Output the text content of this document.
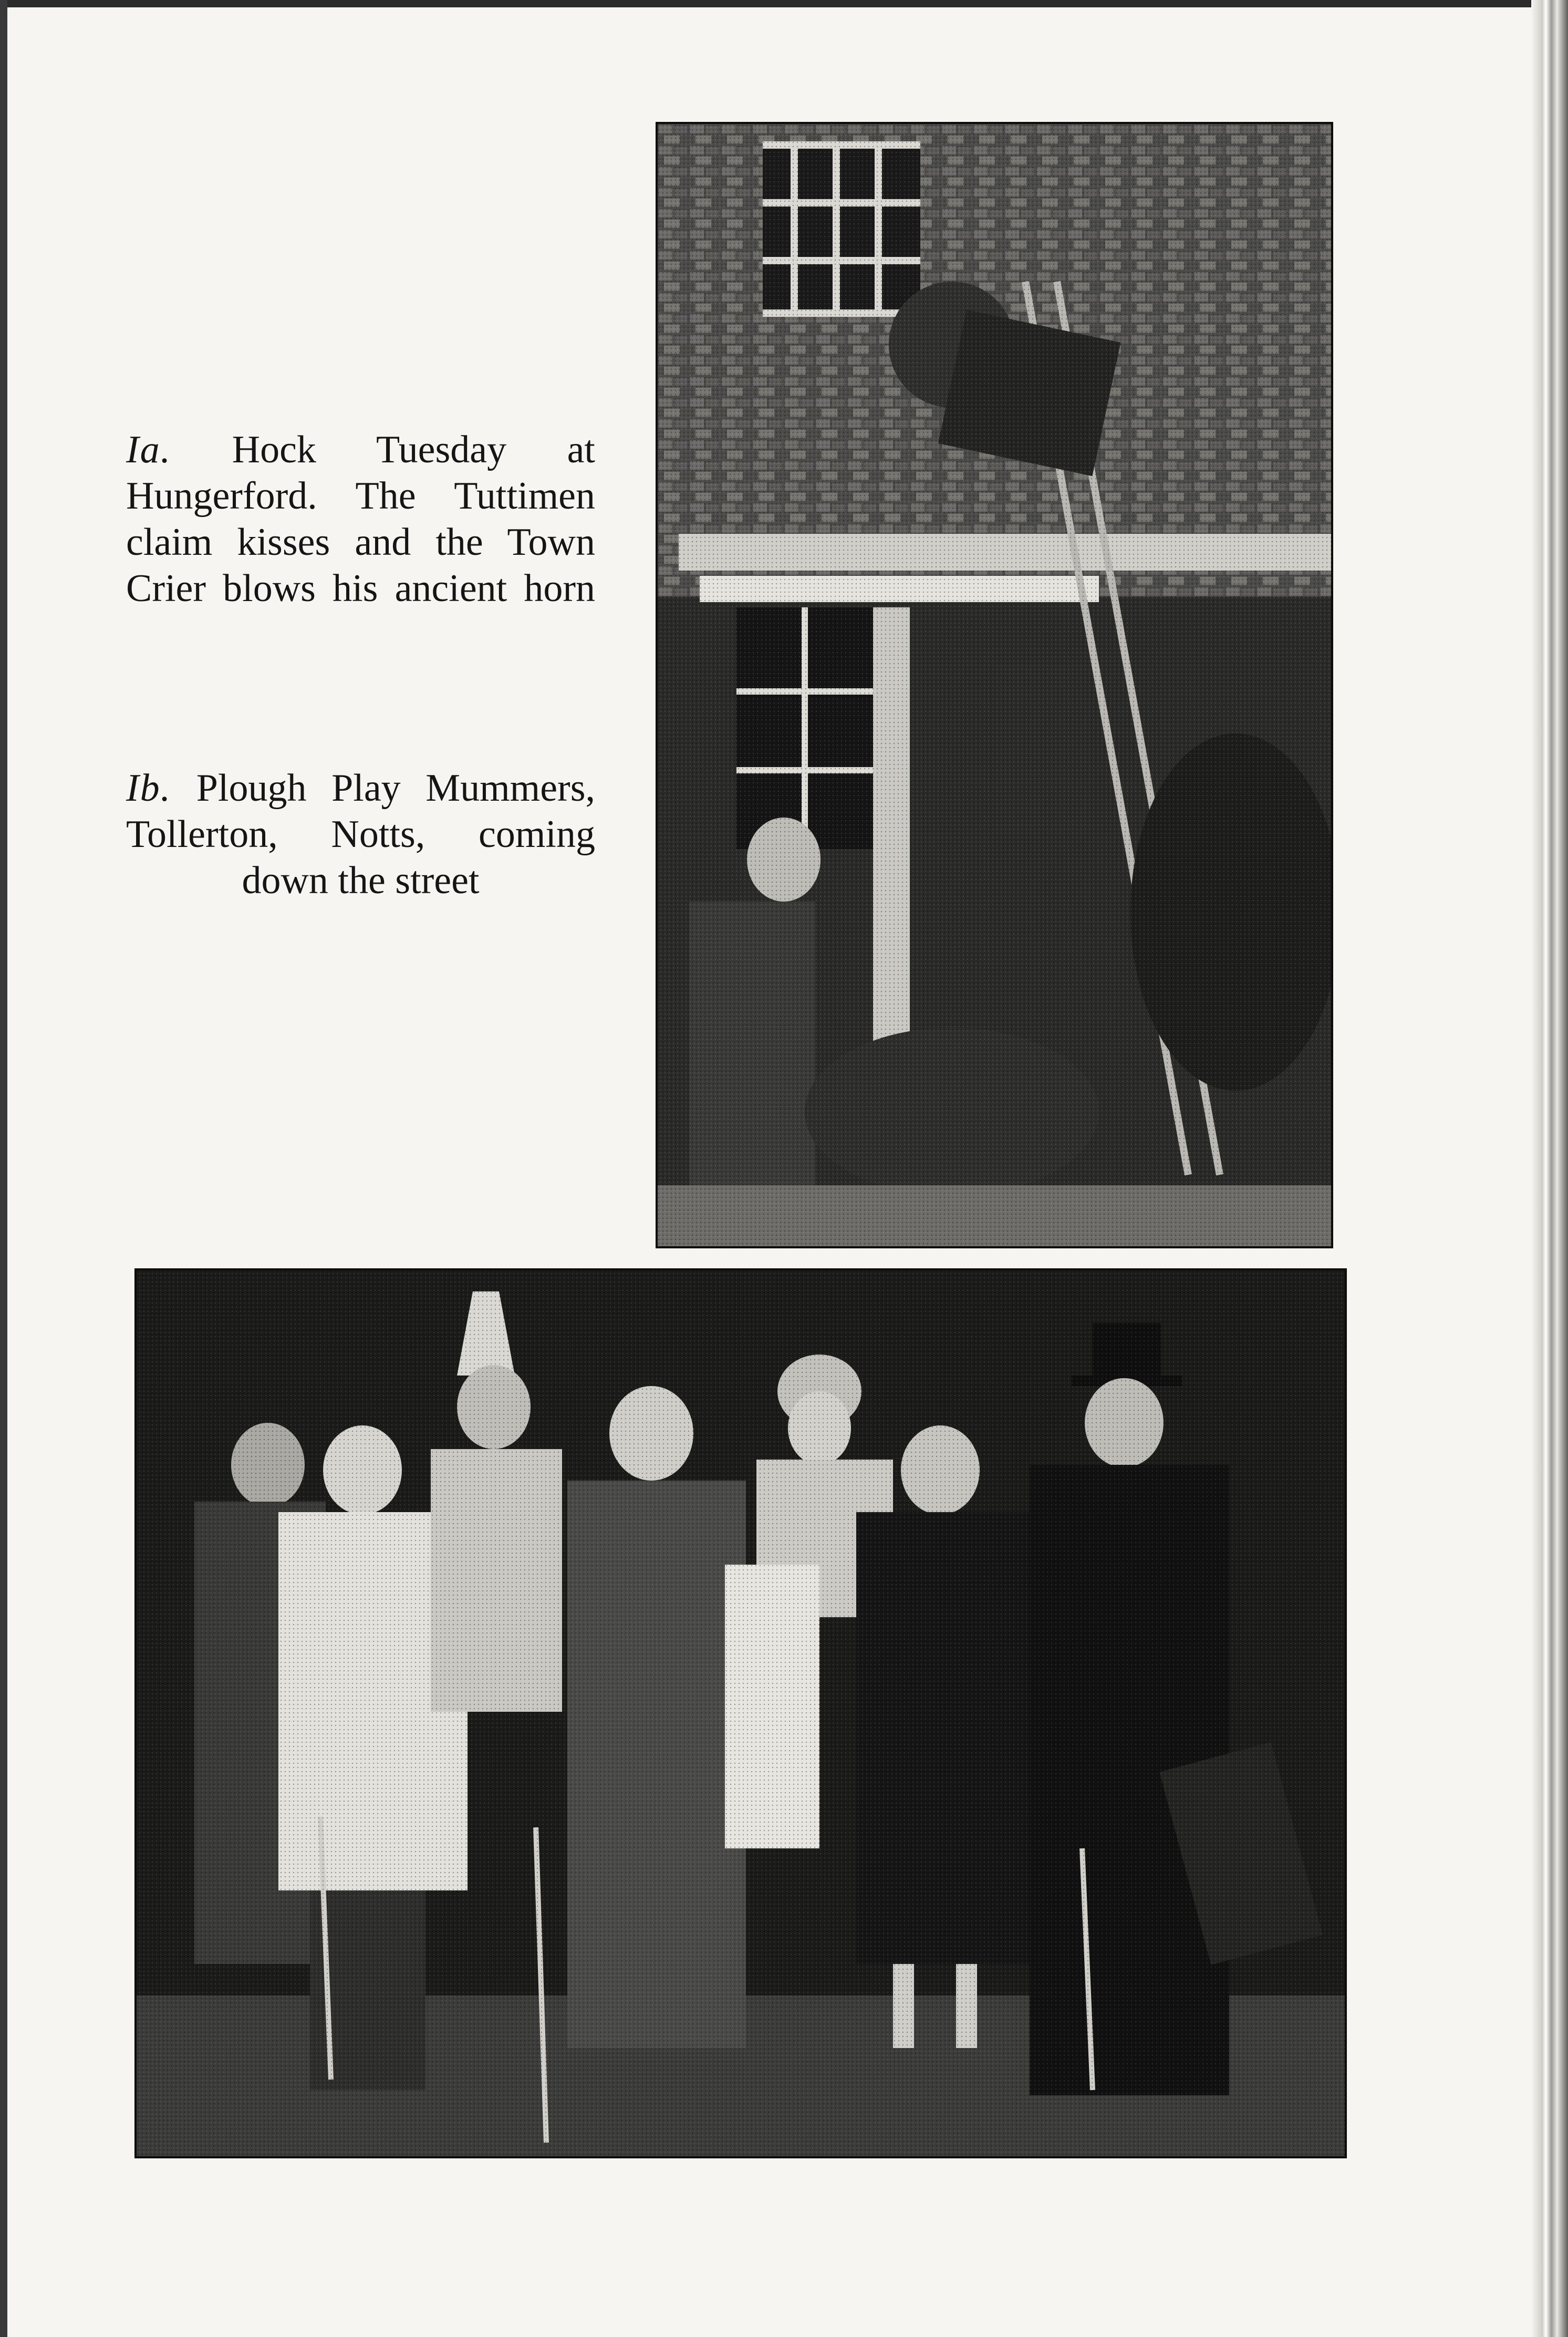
Ia. Hock Tuesday at
Hungerford. The Tuttimen
claim kisses and the Town
Crier blows his ancient horn
Ib. Plough Play Mummers,
Tollerton, Notts, coming
down the street
